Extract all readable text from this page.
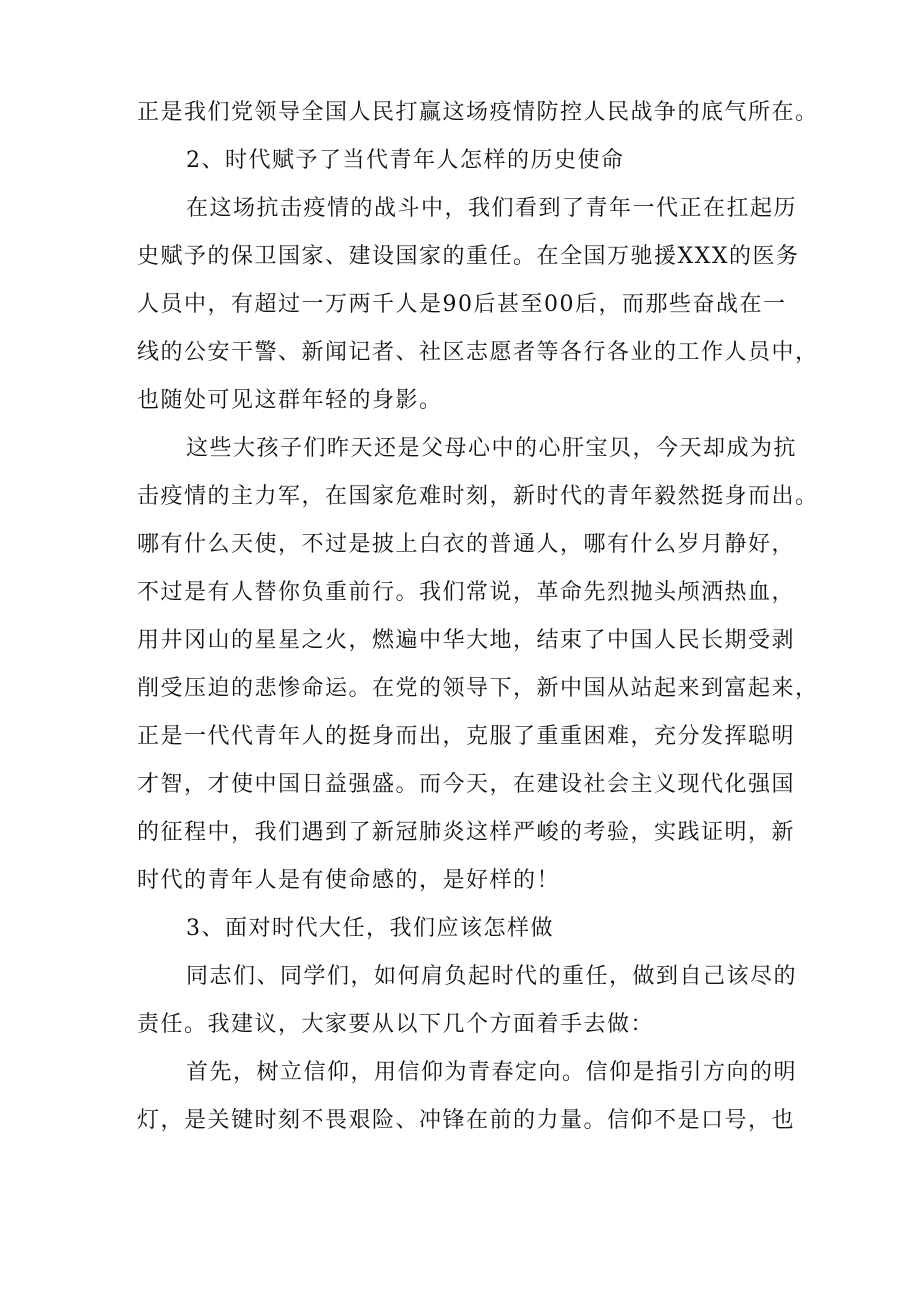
正是我们党领导全国人民打赢这场疫情防控人民战争的底气所在。
2、时代赋予了当代青年人怎样的历史使命
在这场抗击疫情的战斗中，我们看到了青年一代正在扛起历
史赋予的保卫国家、建设国家的重任。在全国万驰援XXX的医务
人员中，有超过一万两千人是90后甚至00后，而那些奋战在一
线的公安干警、新闻记者、社区志愿者等各行各业的工作人员中，
也随处可见这群年轻的身影。
这些大孩子们昨天还是父母心中的心肝宝贝，今天却成为抗
击疫情的主力军，在国家危难时刻，新时代的青年毅然挺身而出。
哪有什么天使，不过是披上白衣的普通人，哪有什么岁月静好，
不过是有人替你负重前行。我们常说，革命先烈抛头颅洒热血，
用井冈山的星星之火，燃遍中华大地，结束了中国人民长期受剥
削受压迫的悲惨命运。在党的领导下，新中国从站起来到富起来，
正是一代代青年人的挺身而出，克服了重重困难，充分发挥聪明
才智，才使中国日益强盛。而今天，在建设社会主义现代化强国
的征程中，我们遇到了新冠肺炎这样严峻的考验，实践证明，新
时代的青年人是有使命感的，是好样的！
3、面对时代大任，我们应该怎样做
同志们、同学们，如何肩负起时代的重任，做到自己该尽的
责任。我建议，大家要从以下几个方面着手去做：
首先，树立信仰，用信仰为青春定向。信仰是指引方向的明
灯，是关键时刻不畏艰险、冲锋在前的力量。信仰不是口号，也
